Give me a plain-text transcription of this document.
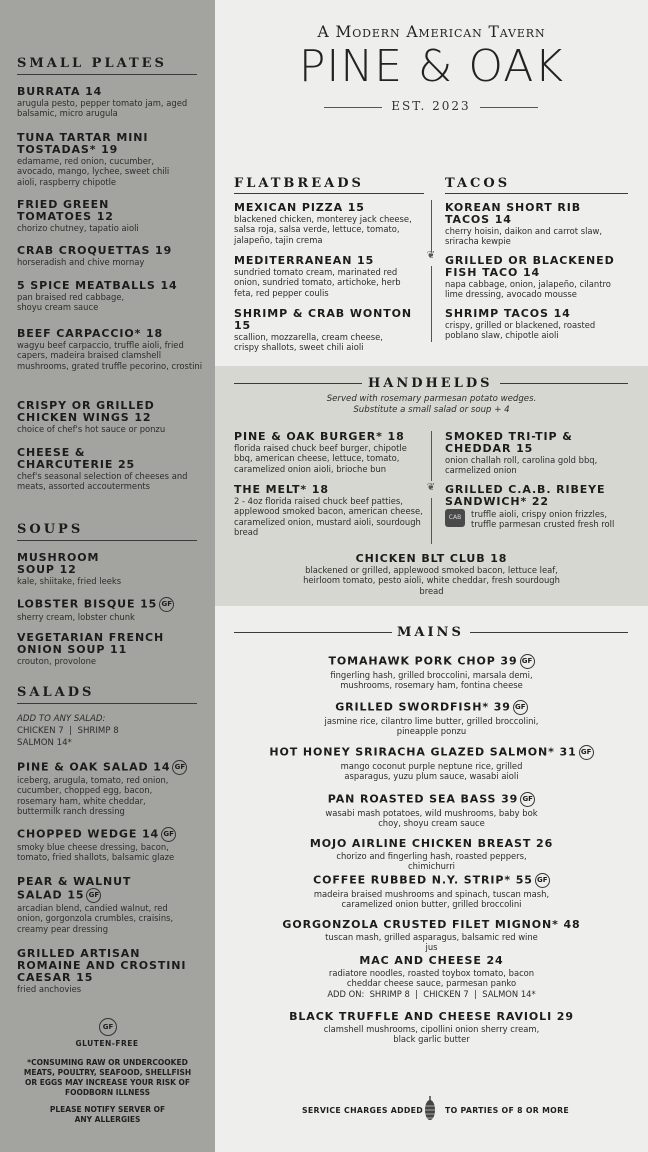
A Modern American Tavern
PINE & OAK
EST. 2023
SMALL PLATES
BURRATA 14
arugula pesto, pepper tomato jam, aged balsamic, micro arugula
TUNA TARTAR MINI TOSTADAS* 19
edamame, red onion, cucumber, avocado, mango, lychee, sweet chili aioli, raspberry chipotle
FRIED GREEN TOMATOES 12
chorizo chutney, tapatio aioli
CRAB CROQUETTAS 19
horseradish and chive mornay
5 SPICE MEATBALLS 14
pan braised red cabbage, shoyu cream sauce
BEEF CARPACCIO* 18
wagyu beef carpaccio, truffle aioli, fried capers, madeira braised clamshell mushrooms, grated truffle pecorino, crostini
CRISPY OR GRILLED CHICKEN WINGS 12
choice of chef's hot sauce or ponzu
CHEESE & CHARCUTERIE 25
chef's seasonal selection of cheeses and meats, assorted accouterments
SOUPS
MUSHROOM SOUP 12
kale, shiitake, fried leeks
LOBSTER BISQUE 15 GF
sherry cream, lobster chunk
VEGETARIAN FRENCH ONION SOUP 11
crouton, provolone
SALADS
ADD TO ANY SALAD:
CHICKEN 7  |  SHRIMP 8
SALMON 14*
PINE & OAK SALAD 14 GF
iceberg, arugula, tomato, red onion, cucumber, chopped egg, bacon, rosemary ham, white cheddar, buttermilk ranch dressing
CHOPPED WEDGE 14 GF
smoky blue cheese dressing, bacon, tomato, fried shallots, balsamic glaze
PEAR & WALNUT SALAD 15 GF
arcadian blend, candied walnut, red onion, gorgonzola crumbles, craisins, creamy pear dressing
GRILLED ARTISAN ROMAINE AND CROSTINI CAESAR 15
fried anchovies
GF
GLUTEN-FREE
*CONSUMING RAW OR UNDERCOOKED MEATS, POULTRY, SEAFOOD, SHELLFISH OR EGGS MAY INCREASE YOUR RISK OF FOODBORN ILLNESS
PLEASE NOTIFY SERVER OF ANY ALLERGIES
FLATBREADS
MEXICAN PIZZA 15
blackened chicken, monterey jack cheese, salsa roja, salsa verde, lettuce, tomato, jalapeño, tajin crema
MEDITERRANEAN 15
sundried tomato cream, marinated red onion, sundried tomato, artichoke, herb feta, red pepper coulis
SHRIMP & CRAB WONTON 15
scallion, mozzarella, cream cheese, crispy shallots, sweet chili aioli
❦
TACOS
KOREAN SHORT RIB TACOS 14
cherry hoisin, daikon and carrot slaw, sriracha kewpie
GRILLED OR BLACKENED FISH TACO 14
napa cabbage, onion, jalapeño, cilantro lime dressing, avocado mousse
SHRIMP TACOS 14
crispy, grilled or blackened, roasted poblano slaw, chipotle aioli
HANDHELDS
Served with rosemary parmesan potato wedges.
Substitute a small salad or soup + 4
PINE & OAK BURGER* 18
florida raised chuck beef burger, chipotle bbq, american cheese, lettuce, tomato, caramelized onion aioli, brioche bun
THE MELT* 18
2 - 4oz florida raised chuck beef patties, applewood smoked bacon, american cheese, caramelized onion, mustard aioli, sourdough bread
❦
SMOKED TRI-TIP & CHEDDAR 15
onion challah roll, carolina gold bbq, carmelized onion
GRILLED C.A.B. RIBEYE SANDWICH* 22
CAB	truffle aioli, crispy onion frizzles, truffle parmesan crusted fresh roll
CHICKEN BLT CLUB 18
blackened or grilled, applewood smoked bacon, lettuce leaf, heirloom tomato, pesto aioli, white cheddar, fresh sourdough bread
MAINS
TOMAHAWK PORK CHOP 39 GF
fingerling hash, grilled broccolini, marsala demi, mushrooms, rosemary ham, fontina cheese
GRILLED SWORDFISH* 39 GF
jasmine rice, cilantro lime butter, grilled broccolini, pineapple ponzu
HOT HONEY SRIRACHA GLAZED SALMON* 31 GF
mango coconut purple neptune rice, grilled asparagus, yuzu plum sauce, wasabi aioli
PAN ROASTED SEA BASS 39 GF
wasabi mash potatoes, wild mushrooms, baby bok choy, shoyu cream sauce
MOJO AIRLINE CHICKEN BREAST 26
chorizo and fingerling hash, roasted peppers, chimichurri
COFFEE RUBBED N.Y. STRIP* 55 GF
madeira braised mushrooms and spinach, tuscan mash, caramelized onion butter, grilled broccolini
GORGONZOLA CRUSTED FILET MIGNON* 48
tuscan mash, grilled asparagus, balsamic red wine jus
MAC AND CHEESE 24
radiatore noodles, roasted toybox tomato, bacon cheddar cheese sauce, parmesan panko
ADD ON:  SHRIMP 8  |  CHICKEN 7  |  SALMON 14*
BLACK TRUFFLE AND CHEESE RAVIOLI 29
clamshell mushrooms, cipollini onion sherry cream, black garlic butter
SERVICE CHARGES ADDED	TO PARTIES OF 8 OR MORE
